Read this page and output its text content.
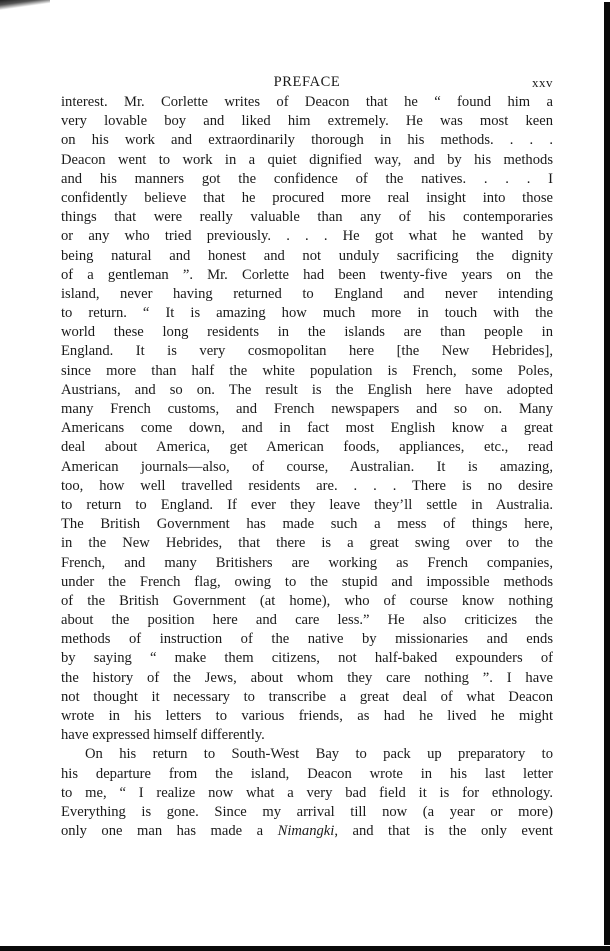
PREFACE	xxv
interest. Mr. Corlette writes of Deacon that he “ found him a
very lovable boy and liked him extremely. He was most keen
on his work and extraordinarily thorough in his methods. . . .
Deacon went to work in a quiet dignified way, and by his methods
and his manners got the confidence of the natives. . . . I
confidently believe that he procured more real insight into those
things that were really valuable than any of his contemporaries
or any who tried previously. . . . He got what he wanted by
being natural and honest and not unduly sacrificing the dignity
of a gentleman ”. Mr. Corlette had been twenty-five years on the
island, never having returned to England and never intending
to return. “ It is amazing how much more in touch with the
world these long residents in the islands are than people in
England. It is very cosmopolitan here [the New Hebrides],
since more than half the white population is French, some Poles,
Austrians, and so on. The result is the English here have adopted
many French customs, and French newspapers and so on. Many
Americans come down, and in fact most English know a great
deal about America, get American foods, appliances, etc., read
American journals—also, of course, Australian. It is amazing,
too, how well travelled residents are. . . . There is no desire
to return to England. If ever they leave they’ll settle in Australia.
The British Government has made such a mess of things here,
in the New Hebrides, that there is a great swing over to the
French, and many Britishers are working as French companies,
under the French flag, owing to the stupid and impossible methods
of the British Government (at home), who of course know nothing
about the position here and care less.” He also criticizes the
methods of instruction of the native by missionaries and ends
by saying “ make them citizens, not half-baked expounders of
the history of the Jews, about whom they care nothing ”. I have
not thought it necessary to transcribe a great deal of what Deacon
wrote in his letters to various friends, as had he lived he might
have expressed himself differently.
On his return to South-West Bay to pack up preparatory to
his departure from the island, Deacon wrote in his last letter
to me, “ I realize now what a very bad field it is for ethnology.
Everything is gone. Since my arrival till now (a year or more)
only one man has made a Nimangki, and that is the only event
